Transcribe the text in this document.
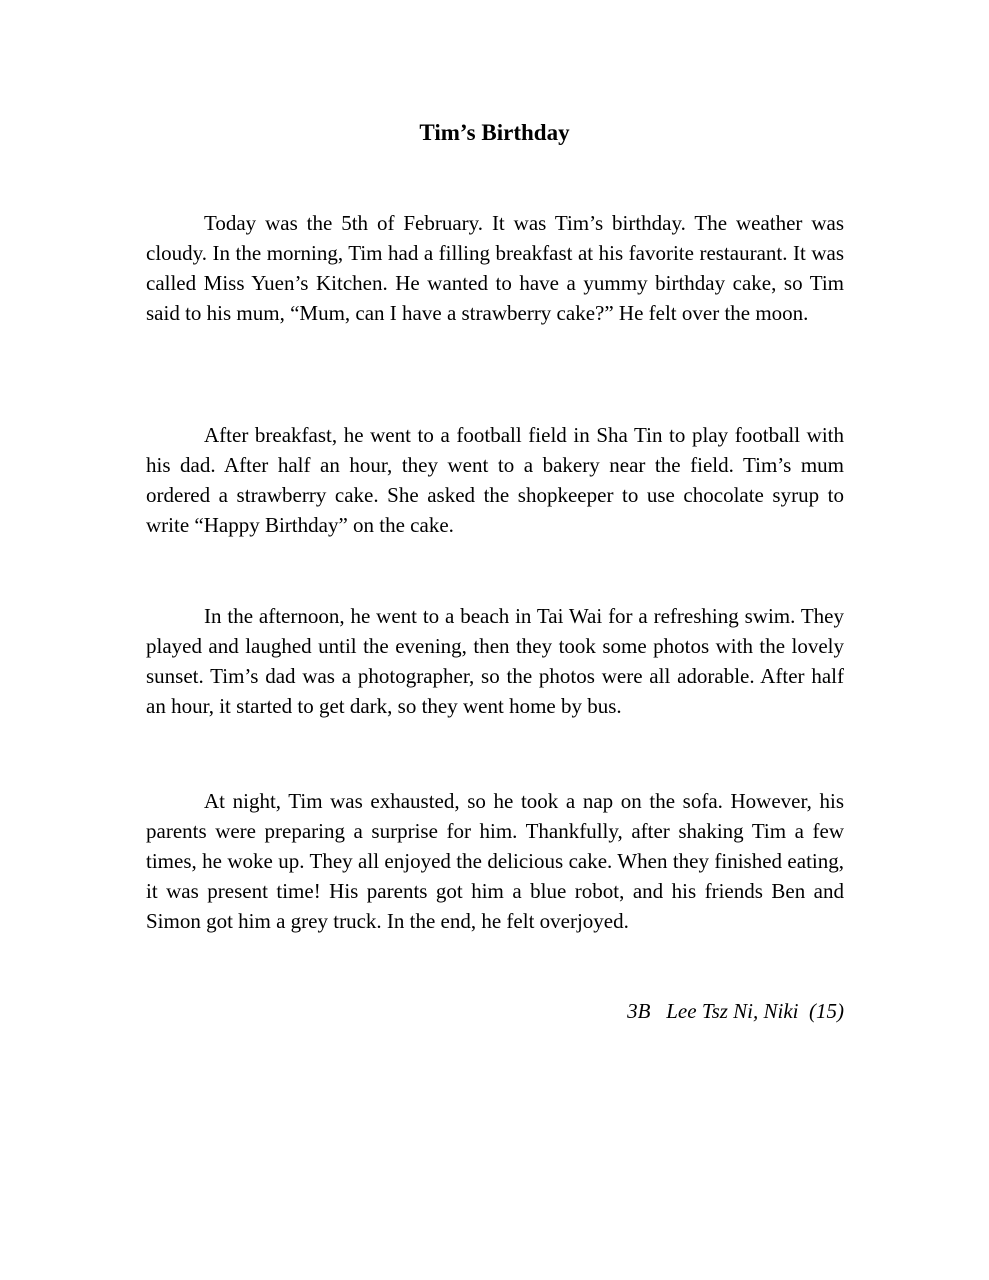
Tim’s Birthday

Today was the 5th of February. It was Tim’s birthday. The weather was cloudy. In the morning, Tim had a filling breakfast at his favorite restaurant. It was called Miss Yuen’s Kitchen. He wanted to have a yummy birthday cake, so Tim said to his mum, “Mum, can I have a strawberry cake?” He felt over the moon.

After breakfast, he went to a football field in Sha Tin to play football with his dad. After half an hour, they went to a bakery near the field. Tim’s mum ordered a strawberry cake. She asked the shopkeeper to use chocolate syrup to write “Happy Birthday” on the cake.

In the afternoon, he went to a beach in Tai Wai for a refreshing swim. They played and laughed until the evening, then they took some photos with the lovely sunset. Tim’s dad was a photographer, so the photos were all adorable. After half an hour, it started to get dark, so they went home by bus.

At night, Tim was exhausted, so he took a nap on the sofa. However, his parents were preparing a surprise for him. Thankfully, after shaking Tim a few times, he woke up. They all enjoyed the delicious cake. When they finished eating, it was present time! His parents got him a blue robot, and his friends Ben and Simon got him a grey truck. In the end, he felt overjoyed.

3B   Lee Tsz Ni, Niki  (15)
